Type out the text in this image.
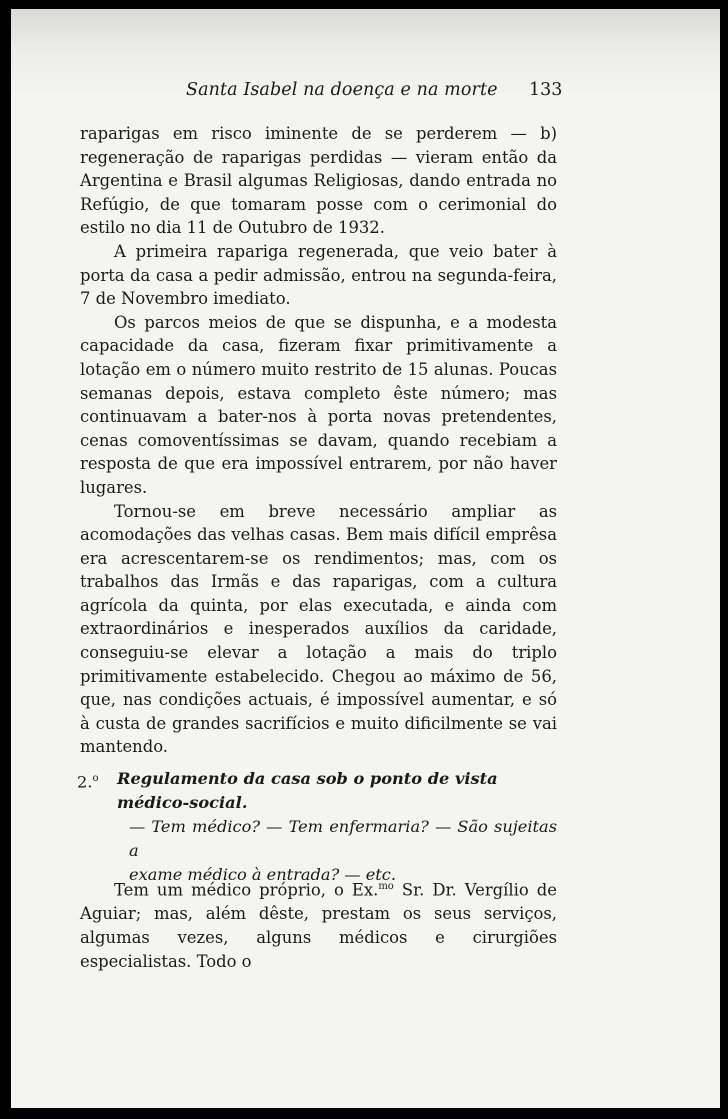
Santa Isabel na doença e na morte 133

raparigas em risco iminente de se perderem — b) regeneração de raparigas perdidas — vieram então da Argentina e Brasil algumas Religiosas, dando entrada no Refúgio, de que tomaram posse com o cerimonial do estilo no dia 11 de Outubro de 1932.

A primeira rapariga regenerada, que veio bater à porta da casa a pedir admissão, entrou na segunda-feira, 7 de Novembro imediato.

Os parcos meios de que se dispunha, e a modesta capacidade da casa, fizeram fixar primitivamente a lotação em o número muito restrito de 15 alunas. Poucas semanas depois, estava completo êste número; mas continuavam a bater-nos à porta novas pretendentes, cenas comoventíssimas se davam, quando recebiam a resposta de que era impossível entrarem, por não haver lugares.

Tornou-se em breve necessário ampliar as acomodações das velhas casas. Bem mais difícil emprêsa era acrescentarem-se os rendimentos; mas, com os trabalhos das Irmãs e das raparigas, com a cultura agrícola da quinta, por elas executada, e ainda com extraordinários e inesperados auxílios da caridade, conseguiu-se elevar a lotação a mais do triplo primitivamente estabelecido. Chegou ao máximo de 56, que, nas condições actuais, é impossível aumentar, e só à custa de grandes sacrifícios e muito dificilmente se vai mantendo.

2.$^o$ Regulamento da casa sob o ponto de vista médico-social.
— Tem médico? — Tem enfermaria? — São sujeitas a
exame médico à entrada? — etc.

Tem um médico próprio, o Ex.$^{mo}$ Sr. Dr. Vergílio de Aguiar; mas, além dêste, prestam os seus serviços, algumas vezes, alguns médicos e cirurgiões especialistas. Todo o
